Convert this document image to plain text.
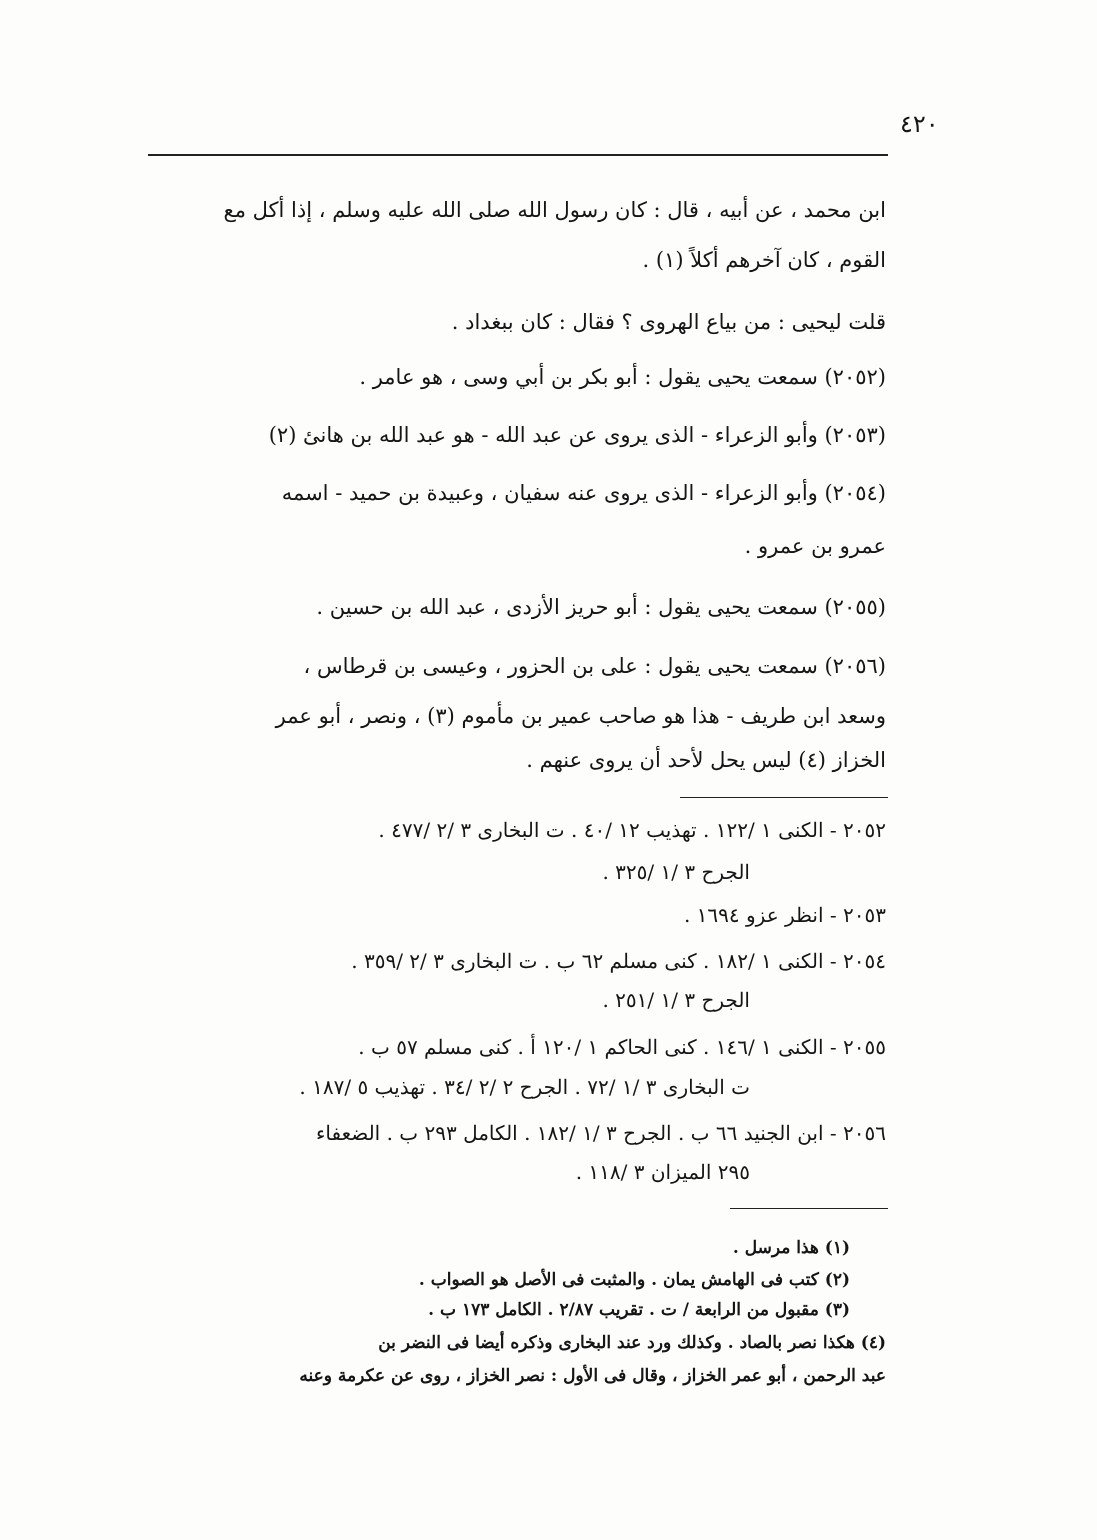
٤٢٠
ابن محمد ، عن أبيه ، قال : كان رسول الله صلى الله عليه وسلم ، إذا أكل مع
القوم ، كان آخرهم أكلاً (١) .
قلت ليحيى : من بياع الهروى ؟ فقال : كان ببغداد .
(٢٠٥٢) سمعت يحيى يقول : أبو بكر بن أبي وسى ، هو عامر .
(٢٠٥٣) وأبو الزعراء - الذى يروى عن عبد الله - هو عبد الله بن هانئ (٢)
(٢٠٥٤) وأبو الزعراء - الذى يروى عنه سفيان ، وعبيدة بن حميد - اسمه
عمرو بن عمرو .
(٢٠٥٥) سمعت يحيى يقول : أبو حريز الأزدى ، عبد الله بن حسين .
(٢٠٥٦) سمعت يحيى يقول : على بن الحزور ، وعيسى بن قرطاس ،
وسعد ابن طريف - هذا هو صاحب عمير بن مأموم (٣) ، ونصر ، أبو عمر
الخزاز (٤) ليس يحل لأحد أن يروى عنهم .
٢٠٥٢ - الكنى ١ /١٢٢ . تهذيب ١٢ /٤٠ . ت البخارى ٣ /٢ /٤٧٧ .
الجرح ٣ /١ /٣٢٥ .
٢٠٥٣ - انظر عزو ١٦٩٤ .
٢٠٥٤ - الكنى ١ /١٨٢ . كنى مسلم ٦٢ ب . ت البخارى ٣ /٢ /٣٥٩ .
الجرح ٣ /١ /٢٥١ .
٢٠٥٥ - الكنى ١ /١٤٦ . كنى الحاكم ١ /١٢٠ أ . كنى مسلم ٥٧ ب .
ت البخارى ٣ /١ /٧٢ . الجرح ٢ /٢ /٣٤ . تهذيب ٥ /١٨٧ .
٢٠٥٦ - ابن الجنيد ٦٦ ب . الجرح ٣ /١ /١٨٢ . الكامل ٢٩٣ ب . الضعفاء
٢٩٥ الميزان ٣ /١١٨ .
(١) هذا مرسل .
(٢) كتب فى الهامش يمان . والمثبت فى الأصل هو الصواب .
(٣) مقبول من الرابعة / ت . تقريب ٢/٨٧ . الكامل ١٧٣ ب .
(٤) هكذا نصر بالصاد . وكذلك ورد عند البخارى وذكره أيضا فى النضر بن
عبد الرحمن ، أبو عمر الخزاز ، وقال فى الأول : نصر الخزاز ، روى عن عكرمة وعنه
